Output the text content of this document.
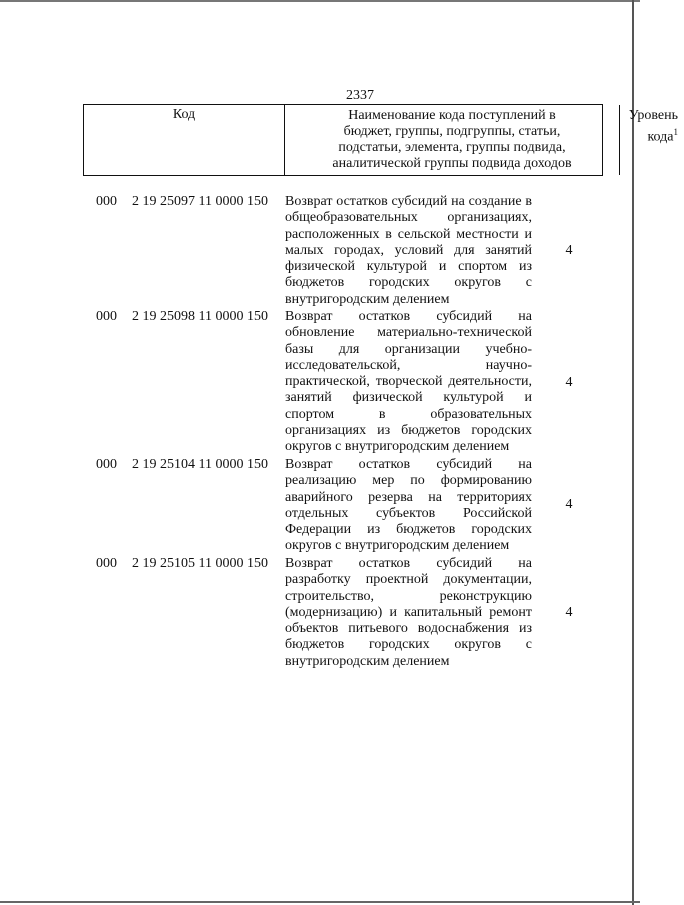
2337
Код	Наименование кода поступлений в
бюджет, группы, подгруппы, статьи,
подстатьи, элемента, группы подвида,
аналитической группы подвида доходов
Уровень
кода$^1$
000 2 19 25097 11 0000 150 Возврат остатков субсидий на создание в
общеобразовательных организациях,
расположенных в сельской местности и
малых городах, условий для занятий
физической культурой и спортом из
бюджетов городских округов с
внутригородским делением
4
000 2 19 25098 11 0000 150 Возврат остатков субсидий на
обновление материально-технической
базы для организации учебно-
исследовательской, научно-
практической, творческой деятельности,
занятий физической культурой и
спортом в образовательных
организациях из бюджетов городских
округов с внутригородским делением
4
000 2 19 25104 11 0000 150 Возврат остатков субсидий на
реализацию мер по формированию
аварийного резерва на территориях
отдельных субъектов Российской
Федерации из бюджетов городских
округов с внутригородским делением
4
000 2 19 25105 11 0000 150 Возврат остатков субсидий на
разработку проектной документации,
строительство, реконструкцию
(модернизацию) и капитальный ремонт
объектов питьевого водоснабжения из
бюджетов городских округов с
внутригородским делением
4
